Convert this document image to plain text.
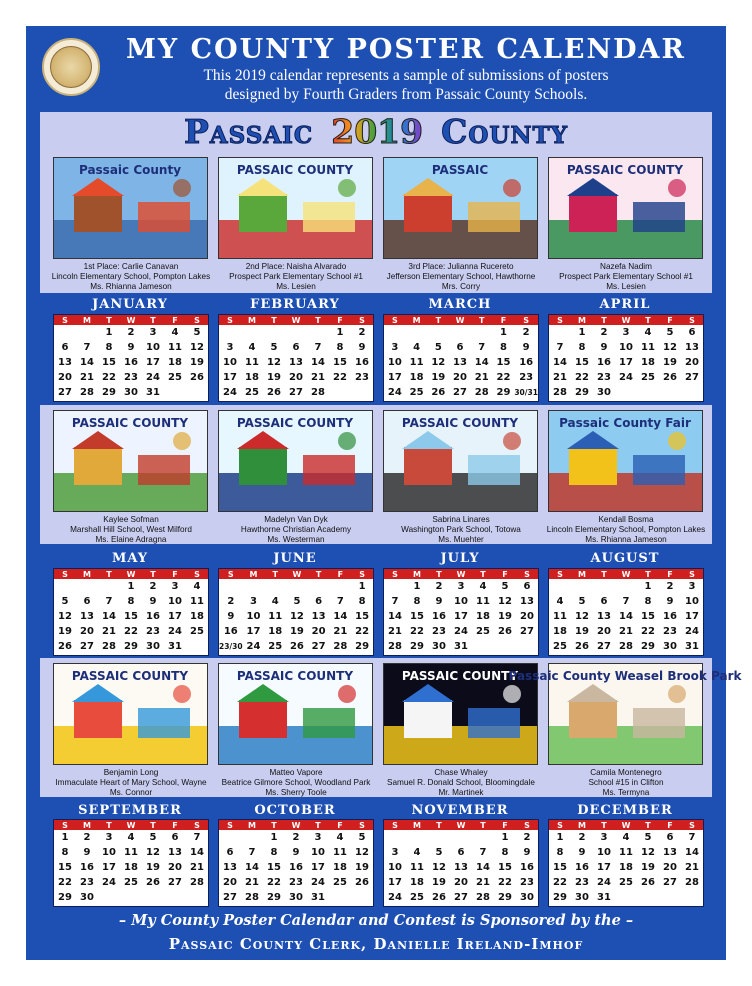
MY COUNTY POSTER CALENDAR
This 2019 calendar represents a sample of submissions of posters
designed by Fourth Graders from Passaic County Schools.
Passaic 2019 County
Passaic County
1st Place: Carlie Canavan
Lincoln Elementary School, Pompton Lakes
Ms. Rhianna Jameson
JANUARY
S	M	T	W	T	F	S
		1	2	3	4	5
6	7	8	9	10	11	12
13	14	15	16	17	18	19
20	21	22	23	24	25	26
27	28	29	30	31		
PASSAIC COUNTY
2nd Place: Naisha Alvarado
Prospect Park Elementary School #1
Ms. Lesien
FEBRUARY
S	M	T	W	T	F	S
					1	2
3	4	5	6	7	8	9
10	11	12	13	14	15	16
17	18	19	20	21	22	23
24	25	26	27	28		
PASSAIC
3rd Place: Julianna Rucereto
Jefferson Elementary School, Hawthorne
Mrs. Corry
MARCH
S	M	T	W	T	F	S
					1	2
3	4	5	6	7	8	9
10	11	12	13	14	15	16
17	18	19	20	21	22	23
24	25	26	27	28	29	30/31
PASSAIC COUNTY
Nazefa Nadim
Prospect Park Elementary School #1
Ms. Lesien
APRIL
S	M	T	W	T	F	S
	1	2	3	4	5	6
7	8	9	10	11	12	13
14	15	16	17	18	19	20
21	22	23	24	25	26	27
28	29	30				
PASSAIC COUNTY
Kaylee Sofman
Marshall Hill School, West Milford
Ms. Elaine Adragna
MAY
S	M	T	W	T	F	S
			1	2	3	4
5	6	7	8	9	10	11
12	13	14	15	16	17	18
19	20	21	22	23	24	25
26	27	28	29	30	31	
PASSAIC COUNTY
Madelyn Van Dyk
Hawthorne Christian Academy
Ms. Westerman
JUNE
S	M	T	W	T	F	S
						1
2	3	4	5	6	7	8
9	10	11	12	13	14	15
16	17	18	19	20	21	22
23/30	24	25	26	27	28	29
PASSAIC COUNTY
Sabrina Linares
Washington Park School, Totowa
Ms. Muehter
JULY
S	M	T	W	T	F	S
	1	2	3	4	5	6
7	8	9	10	11	12	13
14	15	16	17	18	19	20
21	22	23	24	25	26	27
28	29	30	31			
Passaic County Fair
Kendall Bosma
Lincoln Elementary School, Pompton Lakes
Ms. Rhianna Jameson
AUGUST
S	M	T	W	T	F	S
				1	2	3
4	5	6	7	8	9	10
11	12	13	14	15	16	17
18	19	20	21	22	23	24
25	26	27	28	29	30	31
PASSAIC COUNTY
Benjamin Long
Immaculate Heart of Mary School, Wayne
Ms. Connor
SEPTEMBER
S	M	T	W	T	F	S
1	2	3	4	5	6	7
8	9	10	11	12	13	14
15	16	17	18	19	20	21
22	23	24	25	26	27	28
29	30					
PASSAIC COUNTY
Matteo Vapore
Beatrice Gilmore School, Woodland Park
Ms. Sherry Toole
OCTOBER
S	M	T	W	T	F	S
		1	2	3	4	5
6	7	8	9	10	11	12
13	14	15	16	17	18	19
20	21	22	23	24	25	26
27	28	29	30	31		
PASSAIC COUNTY
Chase Whaley
Samuel R. Donald School, Bloomingdale
Mr. Martinek
NOVEMBER
S	M	T	W	T	F	S
					1	2
3	4	5	6	7	8	9
10	11	12	13	14	15	16
17	18	19	20	21	22	23
24	25	26	27	28	29	30
Passaic County Weasel Brook Park
Camila Montenegro
School #15 in Clifton
Ms. Termyna
DECEMBER
S	M	T	W	T	F	S
1	2	3	4	5	6	7
8	9	10	11	12	13	14
15	16	17	18	19	20	21
22	23	24	25	26	27	28
29	30	31				
– My County Poster Calendar and Contest is Sponsored by the –
Passaic County Clerk, Danielle Ireland-Imhof
